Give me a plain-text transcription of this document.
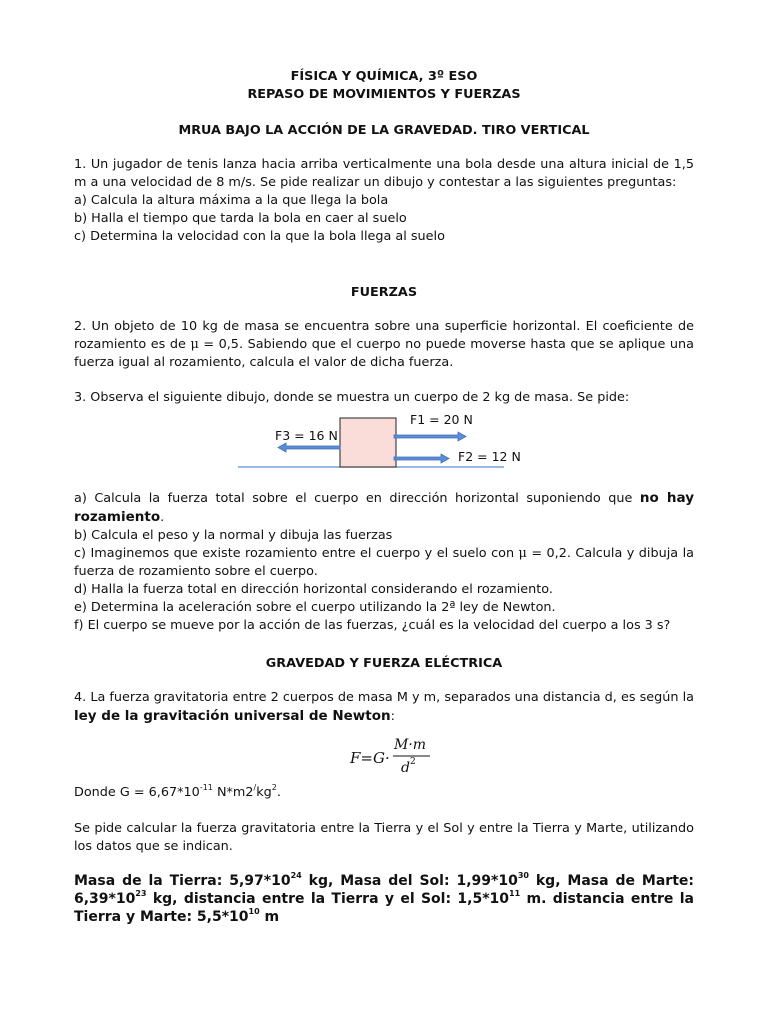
FÍSICA Y QUÍMICA, 3º ESO

REPASO DE MOVIMIENTOS Y FUERZAS

MRUA BAJO LA ACCIÓN DE LA GRAVEDAD. TIRO VERTICAL

1. Un jugador de tenis lanza hacia arriba verticalmente una bola desde una altura inicial de 1,5 m a una velocidad de 8 m/s. Se pide realizar un dibujo y contestar a las siguientes preguntas:

a) Calcula la altura máxima a la que llega la bola

b) Halla el tiempo que tarda la bola en caer al suelo

c) Determina la velocidad con la que la bola llega al suelo

FUERZAS

2. Un objeto de 10 kg de masa se encuentra sobre una superficie horizontal. El coeficiente de rozamiento es de μ = 0,5. Sabiendo que el cuerpo no puede moverse hasta que se aplique una fuerza igual al rozamiento, calcula el valor de dicha fuerza.

3. Observa el siguiente dibujo, donde se muestra un cuerpo de 2 kg de masa. Se pide:

F1 = 20 N
F2 = 12 N
F3 = 16 N

a) Calcula la fuerza total sobre el cuerpo en dirección horizontal suponiendo que no hay rozamiento.

b) Calcula el peso y la normal y dibuja las fuerzas

c) Imaginemos que existe rozamiento entre el cuerpo y el suelo con μ = 0,2. Calcula y dibuja la fuerza de rozamiento sobre el cuerpo.

d) Halla la fuerza total en dirección horizontal considerando el rozamiento.

e) Determina la aceleración sobre el cuerpo utilizando la 2ª ley de Newton.

f) El cuerpo se mueve por la acción de las fuerzas, ¿cuál es la velocidad del cuerpo a los 3 s?

GRAVEDAD Y FUERZA ELÉCTRICA

4. La fuerza gravitatoria entre 2 cuerpos de masa M y m, separados una distancia d, es según la ley de la gravitación universal de Newton:

F=G·
M·m
d 2

Donde $G = 6,67*10^{-11}$ $N*m2^/kg^2$.

Se pide calcular la fuerza gravitatoria entre la Tierra y el Sol y entre la Tierra y Marte, utilizando los datos que se indican.

Masa de la Tierra: $5,97*10^{24}$ kg, Masa del Sol: $1,99*10^{30}$ kg, Masa de Marte: $6,39*10^{23}$ kg, distancia entre la Tierra y el Sol: $1,5*10^{11}$ m. distancia entre la Tierra y Marte: $5,5*10^{10}$ m
